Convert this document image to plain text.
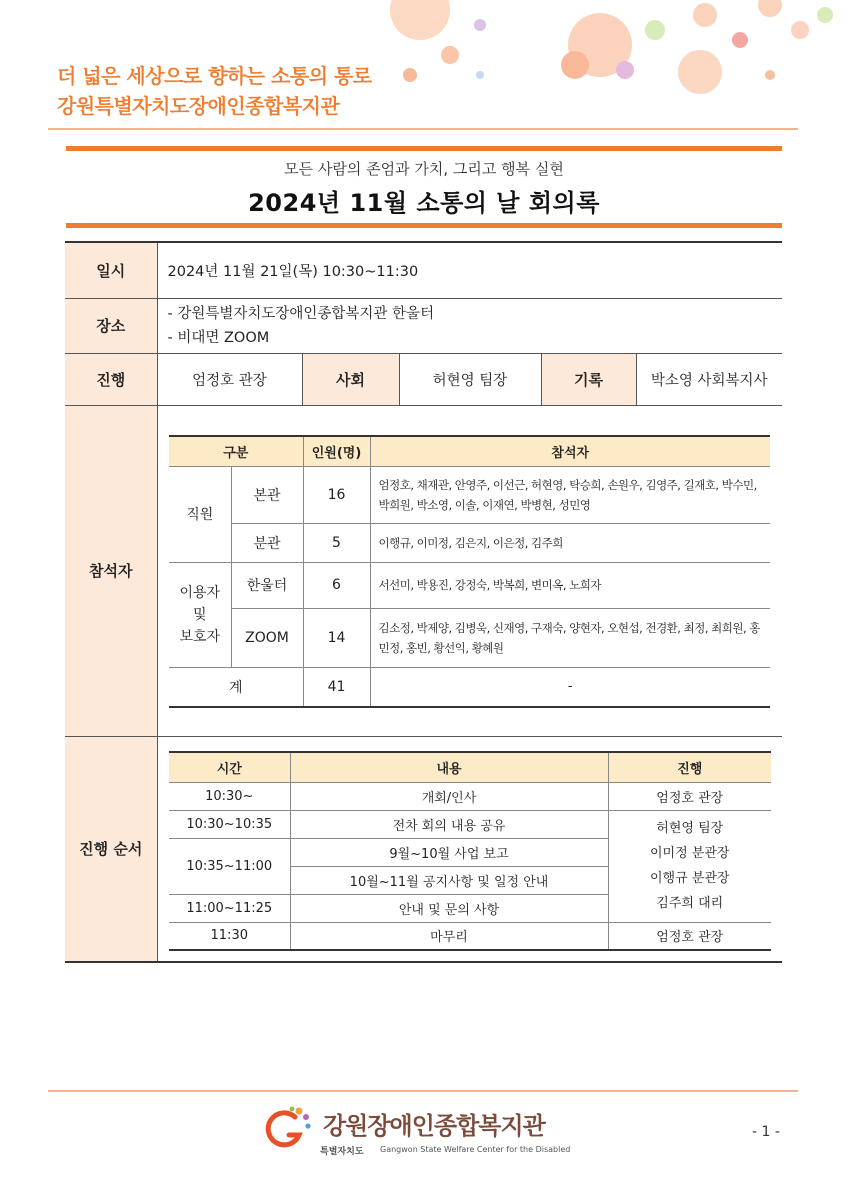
더 넓은 세상으로 향하는 소통의 통로
강원특별자치도장애인종합복지관
모든 사람의 존엄과 가치, 그리고 행복 실현
2024년 11월 소통의 날 회의록
일시	2024년 11월 21일(목) 10:30~11:30				
장소	- 강원특별자치도장애인종합복지관 한울터
- 비대면 ZOOM				

진행	엄정호 관장	사회	허현영 팀장	기록	박소영 사회복지사
참석자					
진행 순서					
구분		인원(명)	참석자
직원	본관	16	엄정호, 채재관, 안영주, 이선근, 허현영, 탁승희, 손원우, 김영주, 길재호, 박수민, 박희원, 박소영, 이솔, 이재연, 박병현, 성민영
	분관	5	이행규, 이미정, 김은지, 이은정, 김주희

이용자
및
보호자	한울터	6	서선미, 박용진, 강정숙, 박복희, 변미옥, 노희자
	ZOOM	14	김소정, 박제양, 김병욱, 신재영, 구재숙, 양현자, 오현섭, 전경환, 최정, 최희원, 홍민정, 홍빈, 황선익, 황혜원
계		41	-
시간	내용	진행
10:30~	개회/인사	엄정호 관장
10:30~10:35	전차 회의 내용 공유	허현영 팀장
이미정 분관장
이행규 분관장
김주희 대리

10:35~11:00	9월~10월 사업 보고	
	10월~11월 공지사항 및 일정 안내	
11:00~11:25	안내 및 문의 사항	
11:30	마무리	엄정호 관장
강원장애인종합복지관
특별자치도 Gangwon State Welfare Center for the Disabled
- 1 -
